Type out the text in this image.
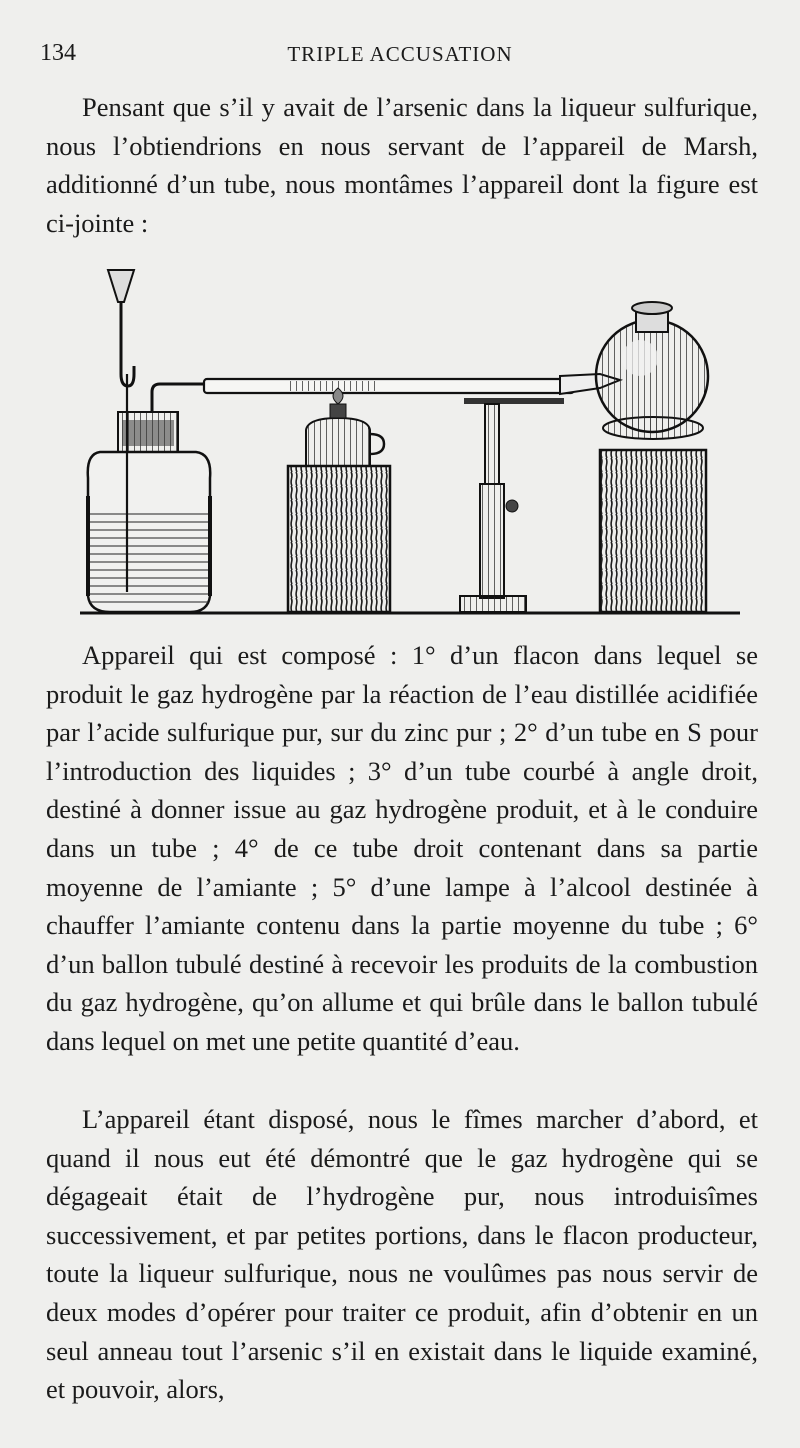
134	TRIPLE ACCUSATION

Pensant que s’il y avait de l’arsenic dans la liqueur sulfurique, nous l’obtiendrions en nous servant de l’appareil de Marsh, additionné d’un tube, nous montâmes l’appareil dont la figure est ci-jointe :

Appareil qui est composé : 1° d’un flacon dans lequel se produit le gaz hydrogène par la réaction de l’eau distillée acidifiée par l’acide sulfurique pur, sur du zinc pur ; 2° d’un tube en S pour l’introduction des liquides ; 3° d’un tube courbé à angle droit, destiné à donner issue au gaz hydrogène produit, et à le conduire dans un tube ; 4° de ce tube droit contenant dans sa partie moyenne de l’amiante ; 5° d’une lampe à l’alcool destinée à chauffer l’amiante contenu dans la partie moyenne du tube ; 6° d’un ballon tubulé destiné à recevoir les produits de la combustion du gaz hydrogène, qu’on allume et qui brûle dans le ballon tubulé dans lequel on met une petite quantité d’eau.

L’appareil étant disposé, nous le fîmes marcher d’abord, et quand il nous eut été démontré que le gaz hydrogène qui se dégageait était de l’hydrogène pur, nous introduisîmes successivement, et par petites portions, dans le flacon producteur, toute la liqueur sulfurique, nous ne voulûmes pas nous servir de deux modes d’opérer pour traiter ce produit, afin d’obtenir en un seul anneau tout l’arsenic s’il en existait dans le liquide examiné, et pouvoir, alors,
